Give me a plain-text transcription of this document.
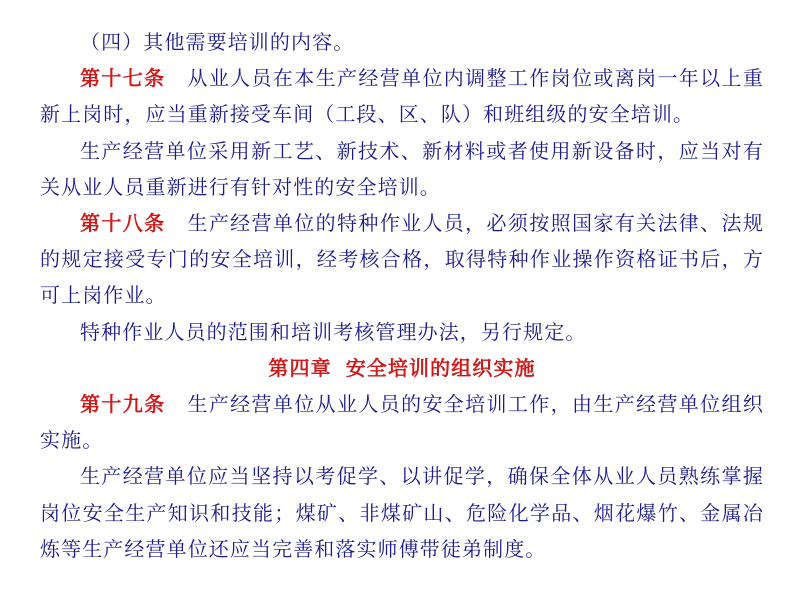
（四）其他需要培训的内容。

第十七条 从业人员在本生产经营单位内调整工作岗位或离岗一年以上重新上岗时，应当重新接受车间（工段、区、队）和班组级的安全培训。

生产经营单位采用新工艺、新技术、新材料或者使用新设备时，应当对有关从业人员重新进行有针对性的安全培训。

第十八条 生产经营单位的特种作业人员，必须按照国家有关法律、法规的规定接受专门的安全培训，经考核合格，取得特种作业操作资格证书后，方可上岗作业。

特种作业人员的范围和培训考核管理办法，另行规定。

第四章 安全培训的组织实施

第十九条 生产经营单位从业人员的安全培训工作，由生产经营单位组织实施。

生产经营单位应当坚持以考促学、以讲促学，确保全体从业人员熟练掌握岗位安全生产知识和技能；煤矿、非煤矿山、危险化学品、烟花爆竹、金属冶炼等生产经营单位还应当完善和落实师傅带徒弟制度。
